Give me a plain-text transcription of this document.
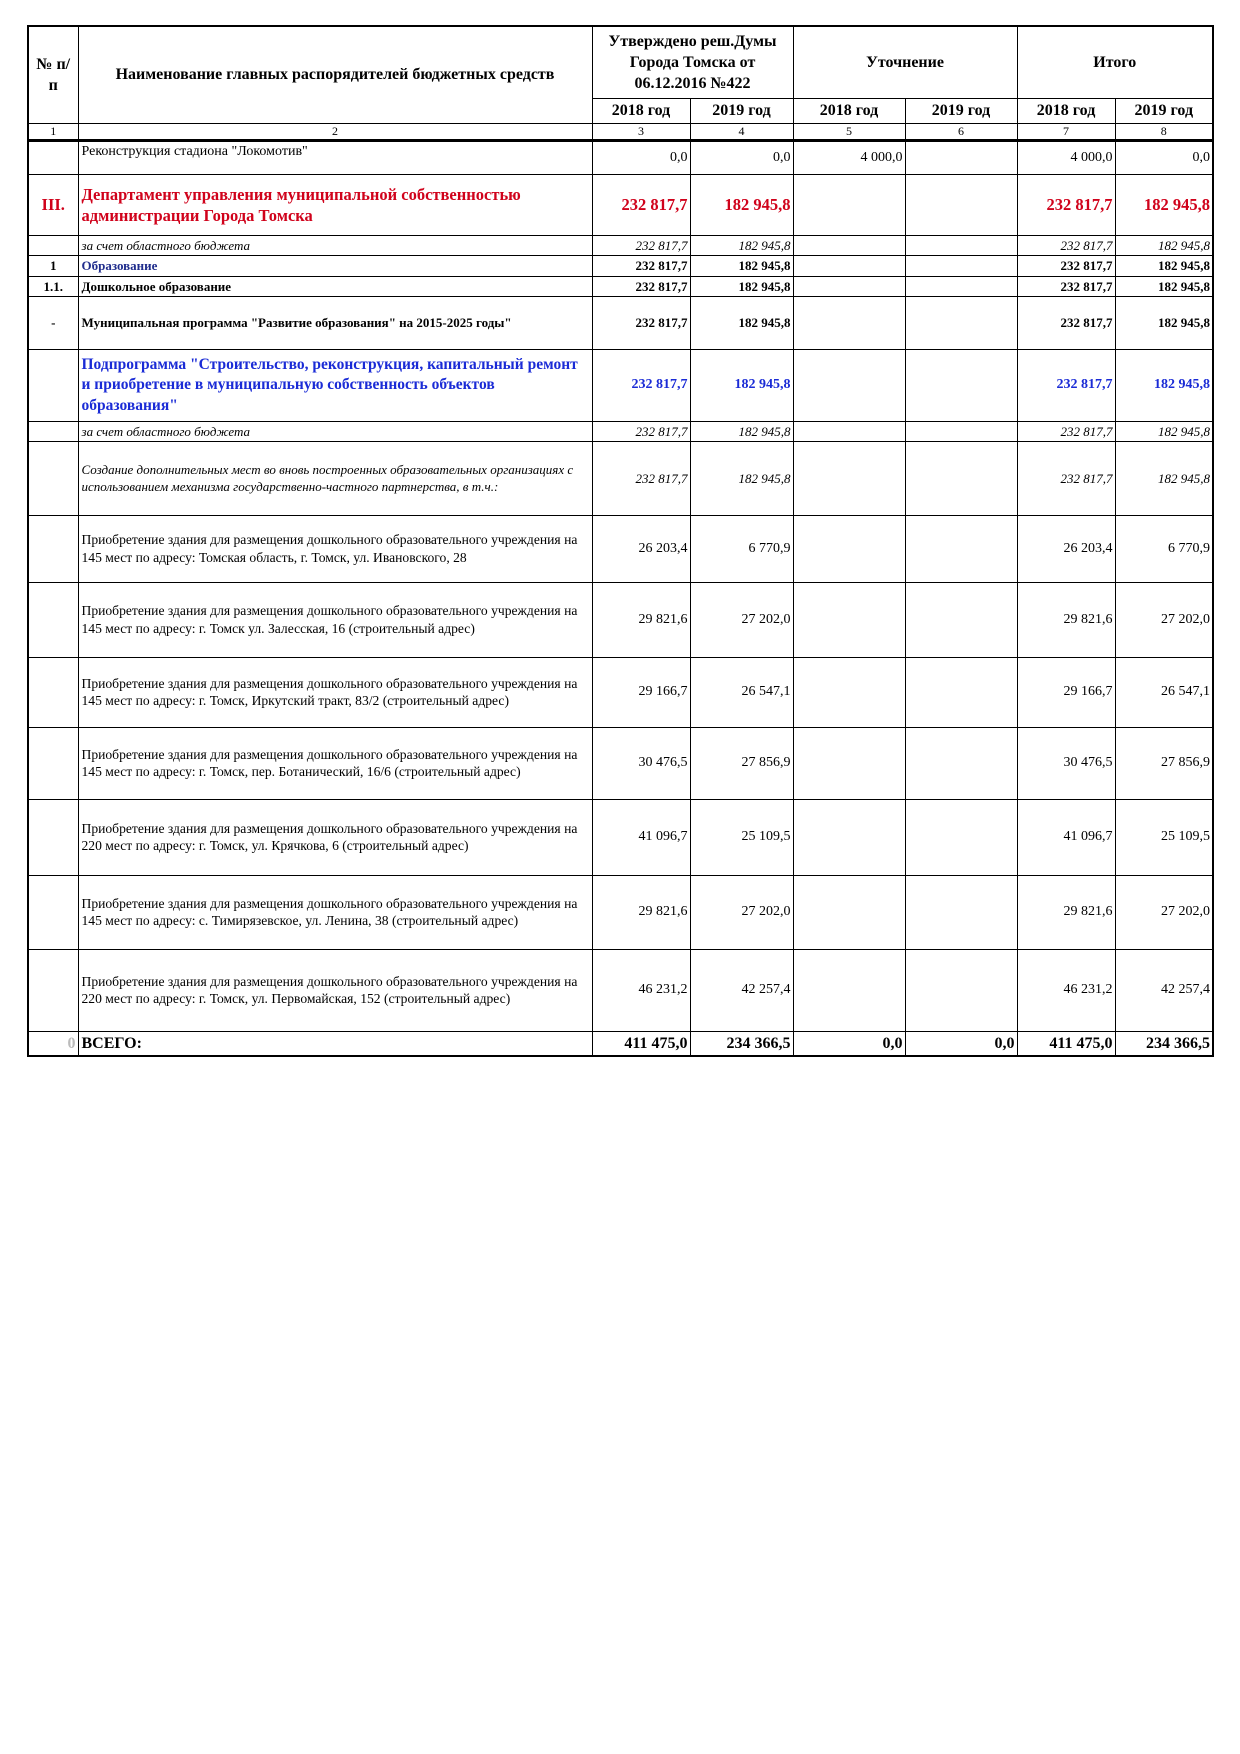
№ п/п	Наименование главных распорядителей бюджетных средств	Утверждено реш.Думы Города Томска от 06.12.2016 №422		Уточнение		Итого	
		2018 год	2019 год	2018 год	2019 год	2018 год	2019 год
1	2	3	4	5	6	7	8
	Реконструкция стадиона "Локомотив"	0,0	0,0	4 000,0		4 000,0	0,0
III.	Департамент управления муниципальной собственностью администрации Города Томска	232 817,7	182 945,8			232 817,7	182 945,8
	за счет областного бюджета	232 817,7	182 945,8			232 817,7	182 945,8
1	Образование	232 817,7	182 945,8			232 817,7	182 945,8
1.1.	Дошкольное образование	232 817,7	182 945,8			232 817,7	182 945,8
-	Муниципальная программа "Развитие образования" на 2015-2025 годы"	232 817,7	182 945,8			232 817,7	182 945,8
	Подпрограмма "Строительство, реконструкция, капитальный ремонт и приобретение в муниципальную собственность объектов образования"	232 817,7	182 945,8			232 817,7	182 945,8
	за счет областного бюджета	232 817,7	182 945,8			232 817,7	182 945,8
	Создание дополнительных мест во вновь построенных образовательных организациях с использованием механизма государственно-частного партнерства, в т.ч.:	232 817,7	182 945,8			232 817,7	182 945,8
	Приобретение здания для размещения дошкольного образовательного учреждения на 145 мест по адресу: Томская область, г. Томск, ул. Ивановского, 28	26 203,4	6 770,9			26 203,4	6 770,9
	Приобретение здания для размещения дошкольного образовательного учреждения на 145 мест по адресу: г. Томск ул. Залесская, 16 (строительный адрес)	29 821,6	27 202,0			29 821,6	27 202,0
	Приобретение здания для размещения дошкольного образовательного учреждения на 145 мест по адресу: г. Томск, Иркутский тракт, 83/2 (строительный адрес)	29 166,7	26 547,1			29 166,7	26 547,1
	Приобретение здания для размещения дошкольного образовательного учреждения на 145 мест по адресу: г. Томск, пер. Ботанический, 16/6 (строительный адрес)	30 476,5	27 856,9			30 476,5	27 856,9
	Приобретение здания для размещения дошкольного образовательного учреждения на 220 мест по адресу: г. Томск, ул. Крячкова, 6 (строительный адрес)	41 096,7	25 109,5			41 096,7	25 109,5
	Приобретение здания для размещения дошкольного образовательного учреждения на 145 мест по адресу: с. Тимирязевское, ул. Ленина, 38 (строительный адрес)	29 821,6	27 202,0			29 821,6	27 202,0
	Приобретение здания для размещения дошкольного образовательного учреждения на 220 мест по адресу: г. Томск, ул. Первомайская, 152 (строительный адрес)	46 231,2	42 257,4			46 231,2	42 257,4
0	ВСЕГО:	411 475,0	234 366,5	0,0	0,0	411 475,0	234 366,5
